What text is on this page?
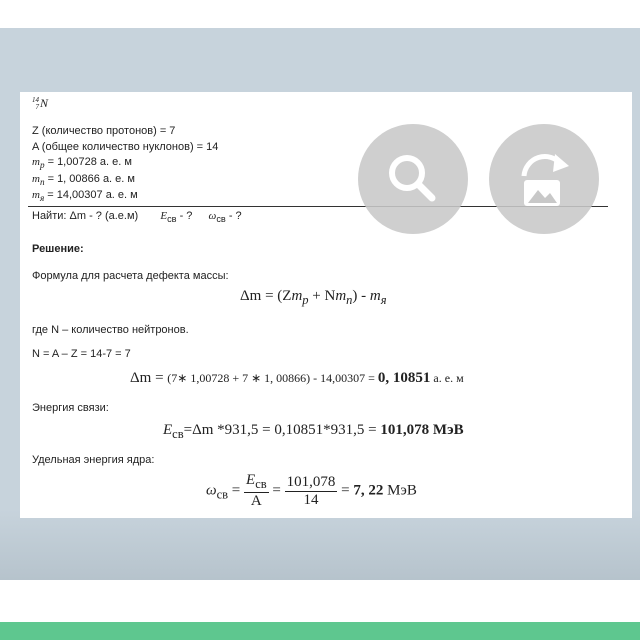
14
7N
Z (количество протонов) = 7
A (общее количество нуклонов) = 14
$m_p = 1,00728$ а. е. м
$m_n = 1$, 00866 а. е. м
$m_я = 14,00307$ а. е. м
Найти: Δm - ? (а.е.м) $E_{св}$ - ? $\omega_{св}$ - ?
Решение:
Формула для расчета дефекта массы:
$\Delta m = (Zm_p + Nm_n) - m_я$
где N – количество нейтронов.
N = A – Z = 14-7 = 7
Δm = (7∗ 1,00728 + 7 ∗ 1, 00866) - 14,00307 = 0, 10851 а. е. м
Энергия связи:
$E_{св}=\Delta m$ *931,5 = 0,10851*931,5 = 101,078 МэВ
Удельная энергия ядра:
$\omega_{св} = \frac{E_{св}}{A} = \frac{101,078}{14} = 7$, 22 МэВ
